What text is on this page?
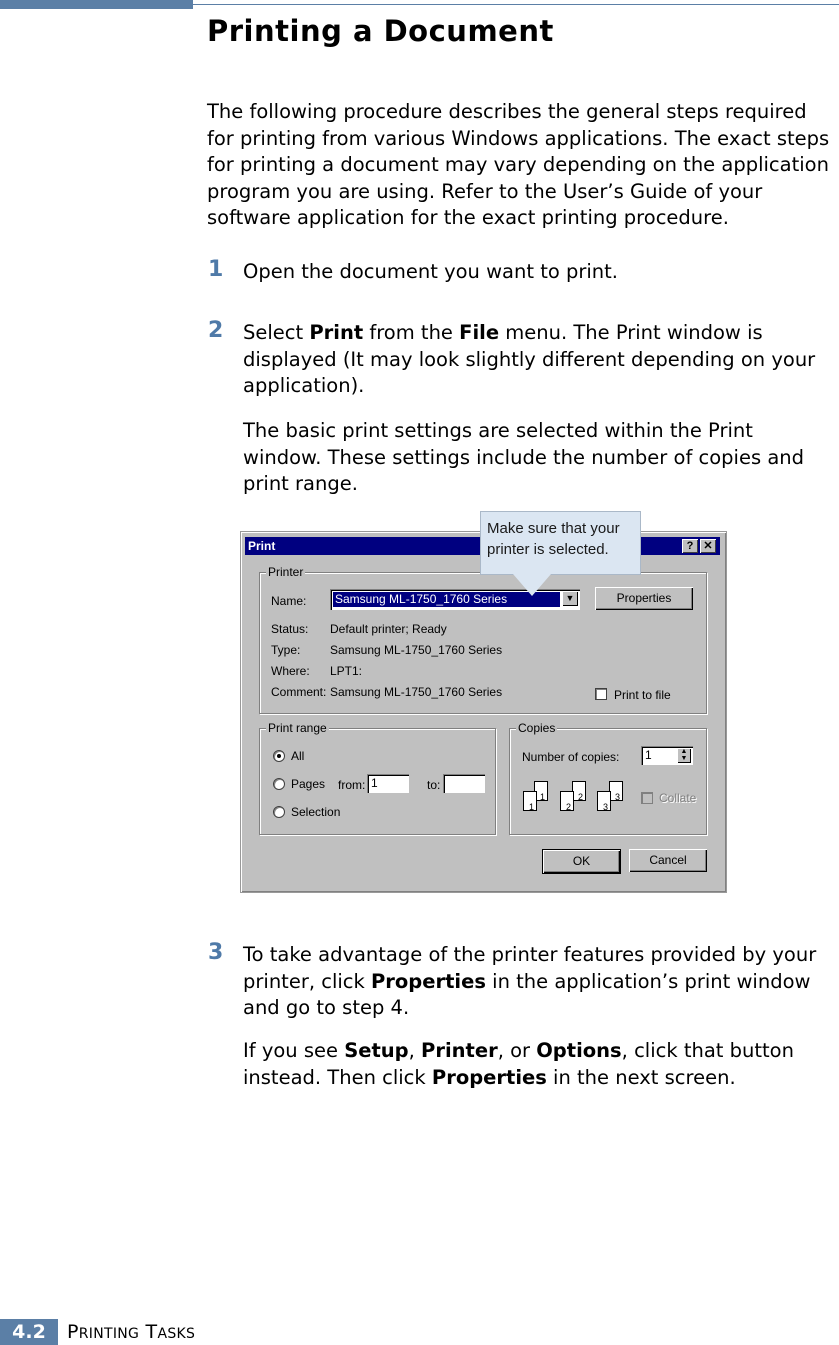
Printing a Document

The following procedure describes the general steps required for printing from various Windows applications. The exact steps for printing a document may vary depending on the application program you are using. Refer to the User’s Guide of your software application for the exact printing procedure.

1 Open the document you want to print.

2 Select Print from the File menu. The Print window is displayed (It may look slightly different depending on your application).

The basic print settings are selected within the Print window. These settings include the number of copies and print range.

Print	? ✕
Printer
Name: Samsung ML-1750_1760 Series	▼	Properties
Status: Default printer; Ready
Type: Samsung ML-1750_1760 Series
Where: LPT1:
Comment: Samsung ML-1750_1760 Series	Print to file
Print range
All
Pages from: 1	to:
Selection
Copies
Number of copies:	1	▲
▼
1
1
2
2
3
3
Collate
OK	Cancel
Make sure that your printer is selected.
3 To take advantage of the printer features provided by your printer, click Properties in the application’s print window and go to step 4.

If you see Setup, Printer, or Options, click that button instead. Then click Properties in the next screen.

4.2	PRINTING TASKS
